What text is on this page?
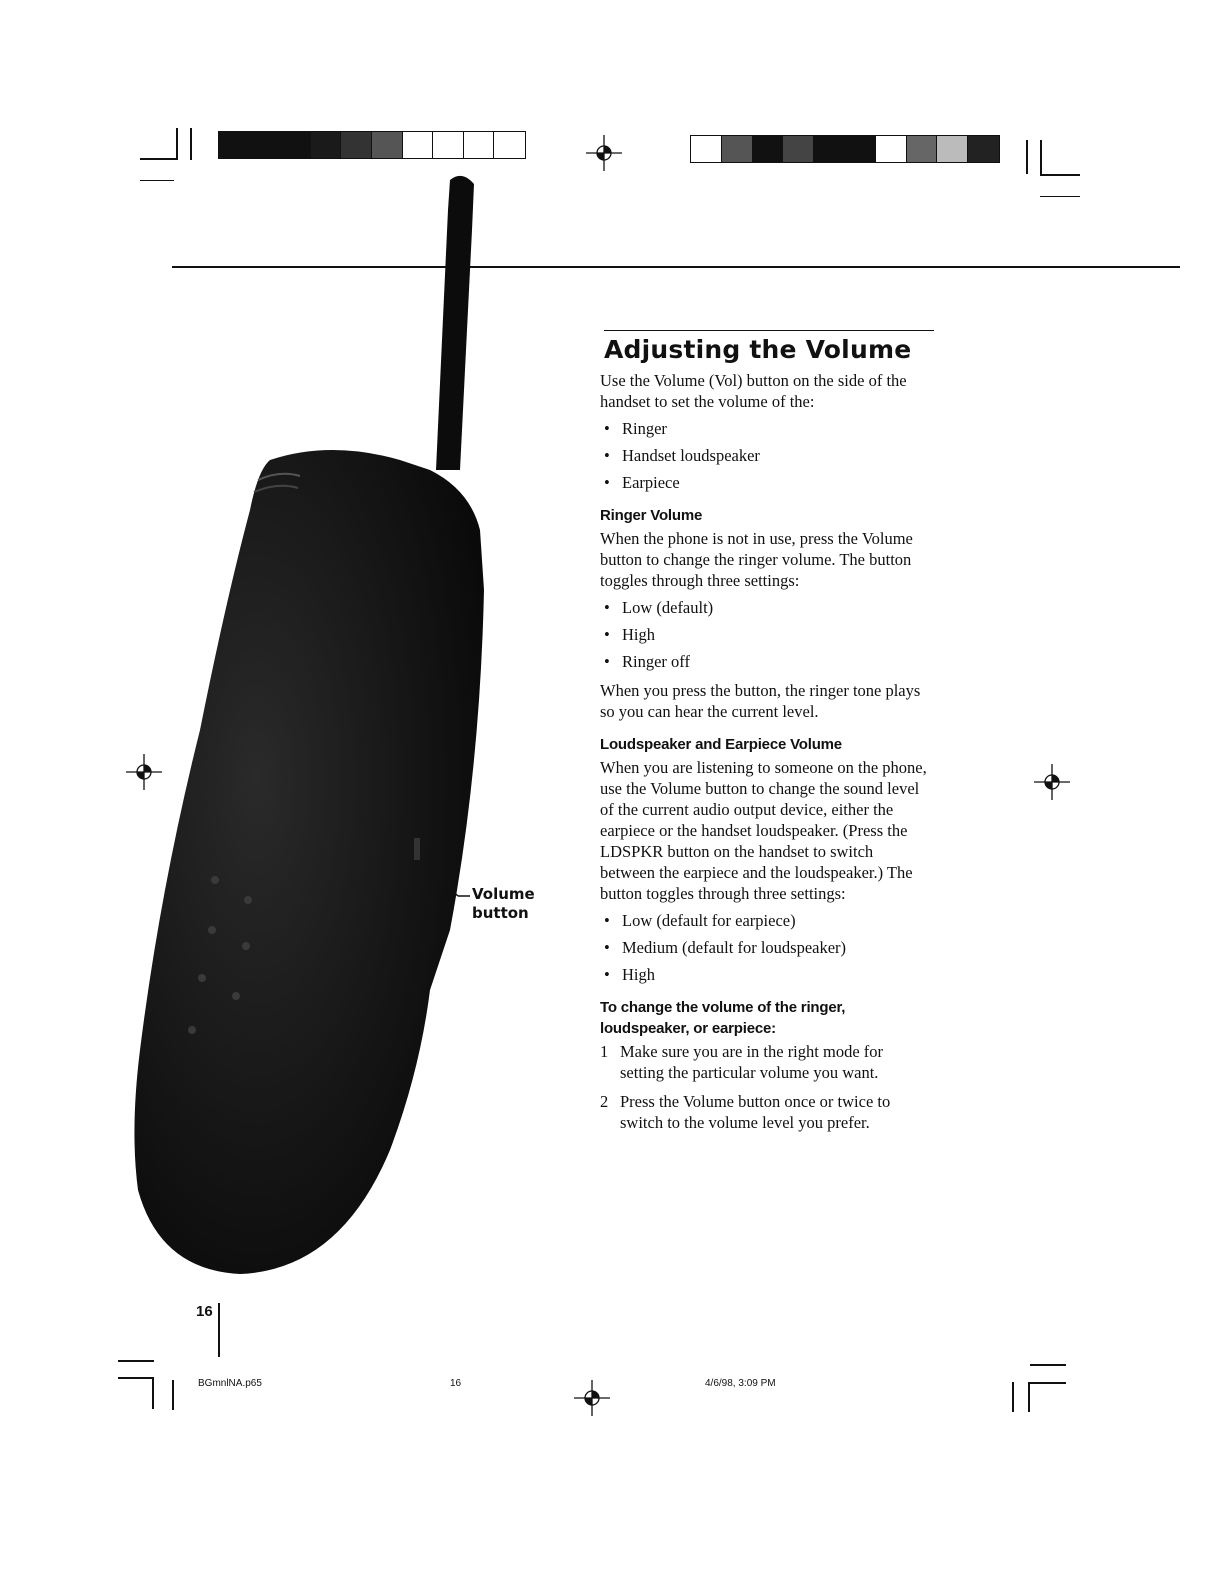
Volume
button
Adjusting the Volume

Use the Volume (Vol) button on the side of the handset to set the volume of the:

• Ringer
• Handset loudspeaker
• Earpiece
Ringer Volume

When the phone is not in use, press the Volume button to change the ringer volume. The button toggles through three settings:

• Low (default)
• High
• Ringer off

When you press the button, the ringer tone plays so you can hear the current level.

Loudspeaker and Earpiece Volume

When you are listening to someone on the phone, use the Volume button to change the sound level of the current audio output device, either the earpiece or the handset loudspeaker. (Press the LDSPKR button on the handset to switch between the earpiece and the loudspeaker.) The button toggles through three settings:

• Low (default for earpiece)
• Medium (default for loudspeaker)
• High
To change the volume of the ringer, loudspeaker, or earpiece:
1 Make sure you are in the right mode for setting the particular volume you want.
2 Press the Volume button once or twice to switch to the volume level you prefer.
16
BGmnlNA.p65	16	4/6/98, 3:09 PM
